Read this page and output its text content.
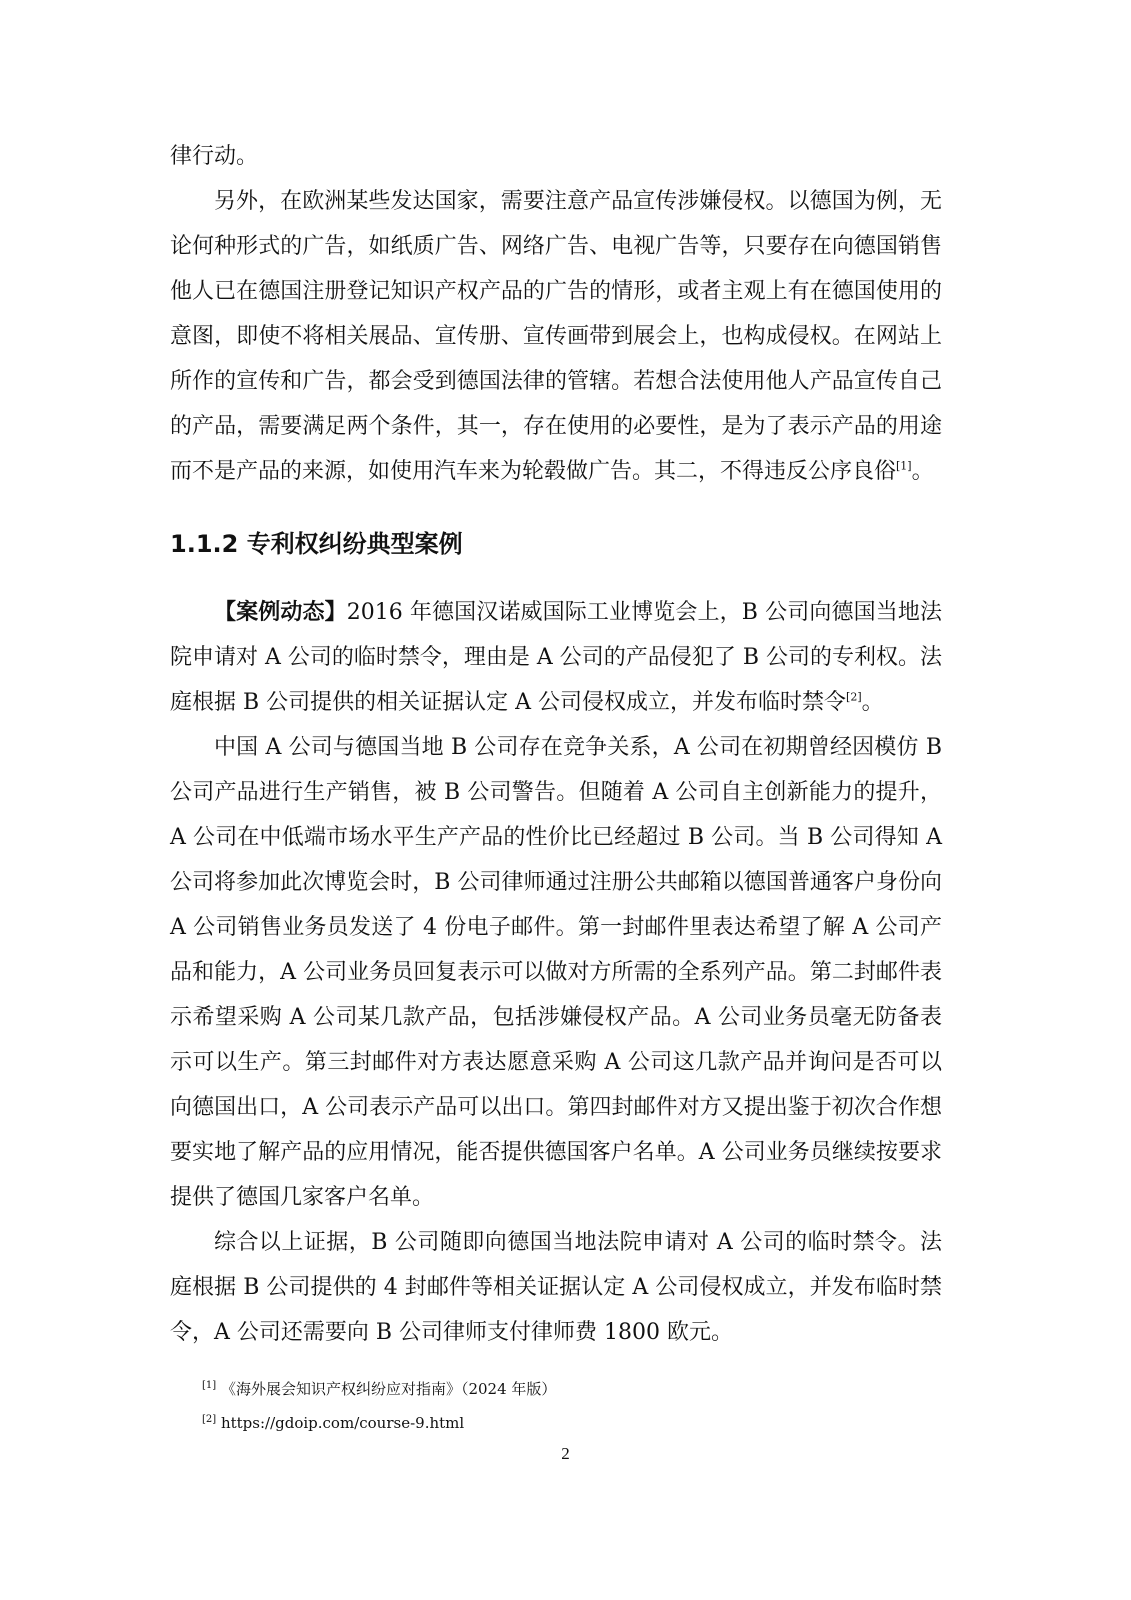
律行动。

另外，在欧洲某些发达国家，需要注意产品宣传涉嫌侵权。以德国为例，无论何种形式的广告，如纸质广告、网络广告、电视广告等，只要存在向德国销售他人已在德国注册登记知识产权产品的广告的情形，或者主观上有在德国使用的意图，即使不将相关展品、宣传册、宣传画带到展会上，也构成侵权。在网站上所作的宣传和广告，都会受到德国法律的管辖。若想合法使用他人产品宣传自己的产品，需要满足两个条件，其一，存在使用的必要性，是为了表示产品的用途而不是产品的来源，如使用汽车来为轮毂做广告。其二，不得违反公序良俗[1]。

1.1.2 专利权纠纷典型案例

【案例动态】2016 年德国汉诺威国际工业博览会上，B 公司向德国当地法院申请对 A 公司的临时禁令，理由是 A 公司的产品侵犯了 B 公司的专利权。法庭根据 B 公司提供的相关证据认定 A 公司侵权成立，并发布临时禁令[2]。

中国 A 公司与德国当地 B 公司存在竞争关系，A 公司在初期曾经因模仿 B 公司产品进行生产销售，被 B 公司警告。但随着 A 公司自主创新能力的提升，A 公司在中低端市场水平生产产品的性价比已经超过 B 公司。当 B 公司得知 A 公司将参加此次博览会时，B 公司律师通过注册公共邮箱以德国普通客户身份向 A 公司销售业务员发送了 4 份电子邮件。第一封邮件里表达希望了解 A 公司产品和能力，A 公司业务员回复表示可以做对方所需的全系列产品。第二封邮件表示希望采购 A 公司某几款产品，包括涉嫌侵权产品。A 公司业务员毫无防备表示可以生产。第三封邮件对方表达愿意采购 A 公司这几款产品并询问是否可以向德国出口，A 公司表示产品可以出口。第四封邮件对方又提出鉴于初次合作想要实地了解产品的应用情况，能否提供德国客户名单。A 公司业务员继续按要求提供了德国几家客户名单。

综合以上证据，B 公司随即向德国当地法院申请对 A 公司的临时禁令。法庭根据 B 公司提供的 4 封邮件等相关证据认定 A 公司侵权成立，并发布临时禁令，A 公司还需要向 B 公司律师支付律师费 1800 欧元。

[1] 《海外展会知识产权纠纷应对指南》（2024 年版）
[2] https://gdoip.com/course-9.html
2
